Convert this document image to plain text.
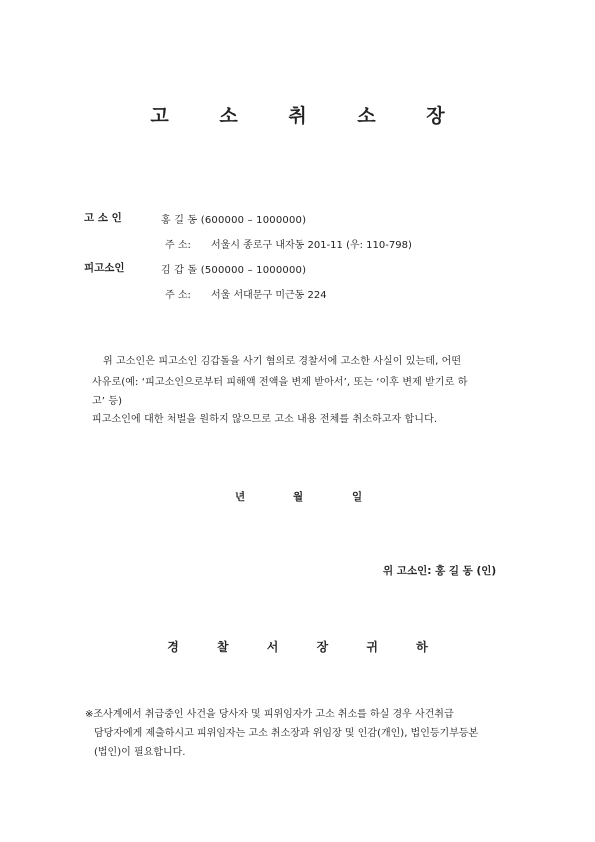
고 소 취 소 장
고 소 인	홍 길 동 (600000 – 1000000)
주 소: 서울시 종로구 내자동 201-11 (우: 110-798)
피고소인	김 갑 돌 (500000 – 1000000)
주 소: 서울 서대문구 미근동 224
위 고소인은 피고소인 김갑돌을 사기 혐의로 경찰서에 고소한 사실이 있는데, 어떤
사유로(예: ‘피고소인으로부터 피해액 전액을 변제 받아서’, 또는 ‘이후 변제 받기로 하
고’ 등)
피고소인에 대한 처벌을 원하지 않으므로 고소 내용 전체를 취소하고자 합니다.
년	월	일
위 고소인: 홍 길 동 (인)
경 찰 서 장 귀 하
※조사계에서 취급중인 사건을 당사자 및 피위임자가 고소 취소를 하실 경우 사건취급
담당자에게 제출하시고 피위임자는 고소 취소장과 위임장 및 인감(개인), 법인등기부등본
(법인)이 필요합니다.
